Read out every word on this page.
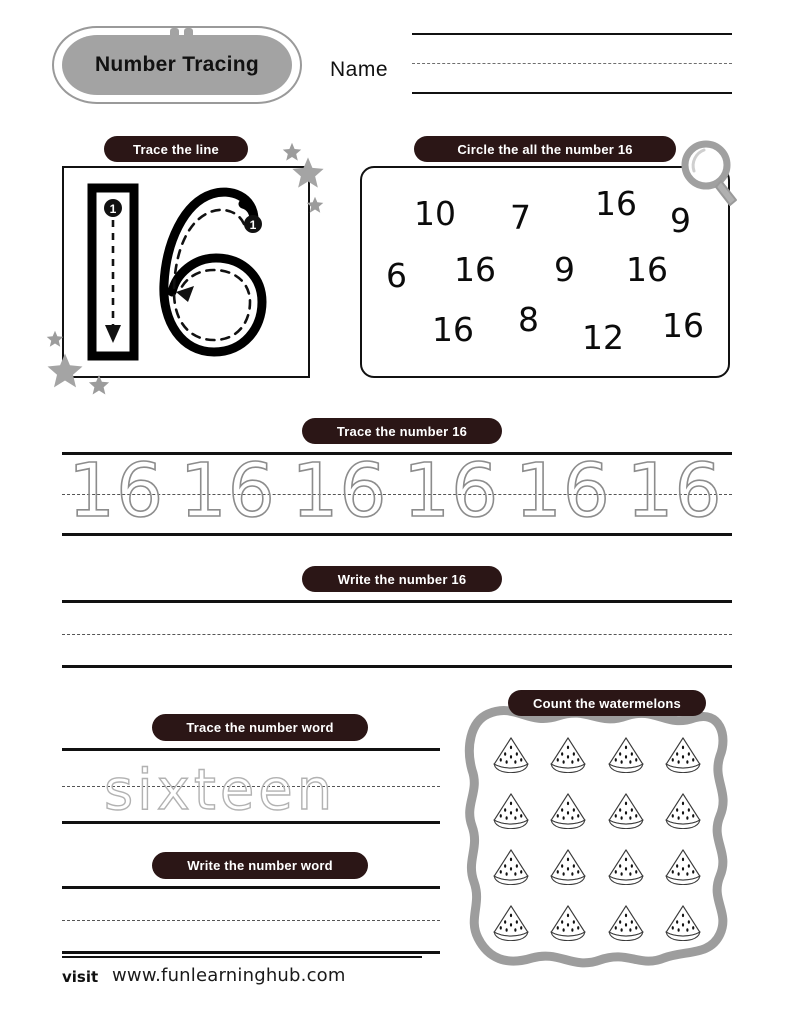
Number Tracing	Name
Trace the line
1
1
Circle the all the number 16
10 7 16 9
6 16 9 16
16 8 12 16
Trace the number 16
16 16 16 16 16 16
Write the number 16
Trace the number word
sixteen
Write the number word
Count the watermelons
visit www.funlearninghub.com
